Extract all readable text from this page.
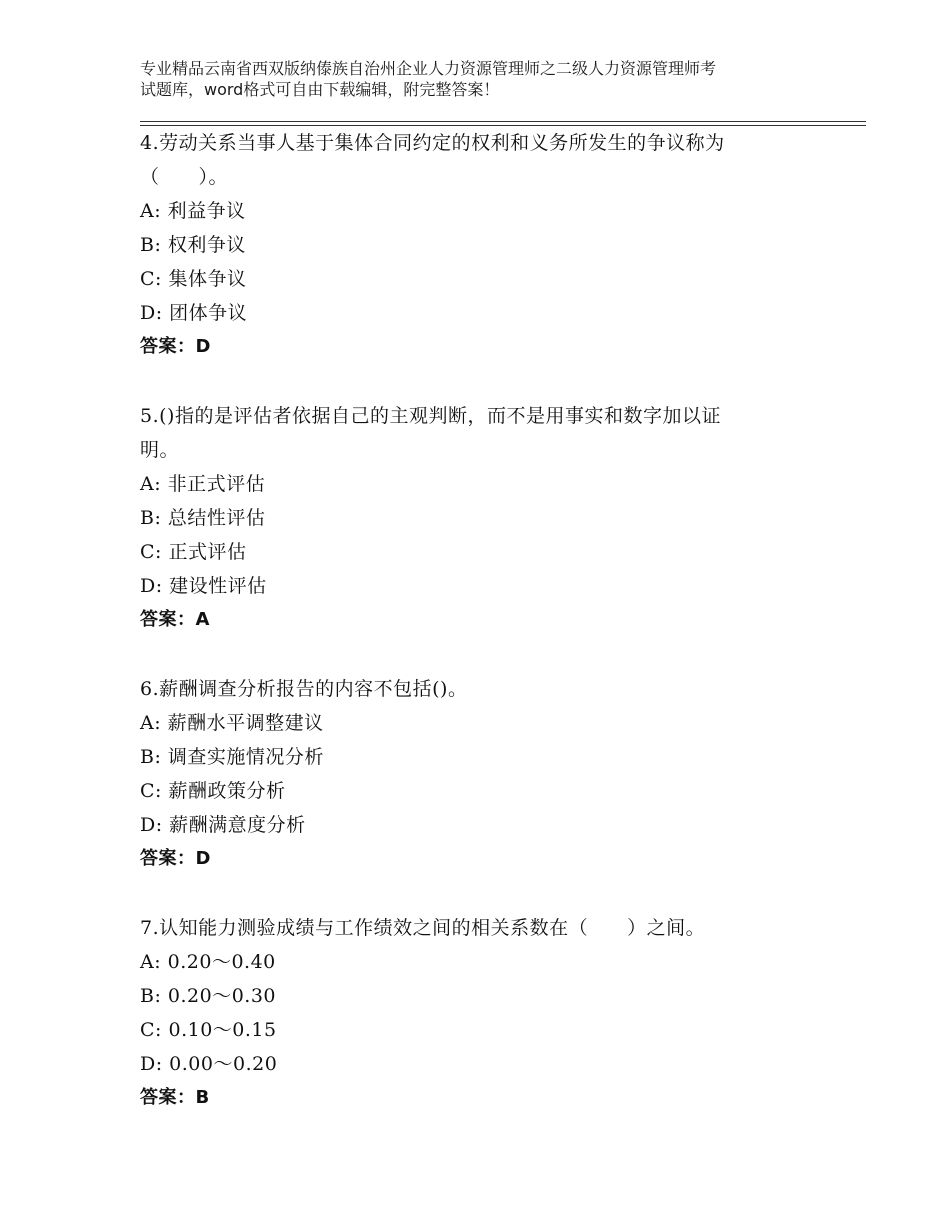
专业精品云南省西双版纳傣族自治州企业人力资源管理师之二级人力资源管理师考
试题库，word格式可自由下载编辑，附完整答案！
4.劳动关系当事人基于集体合同约定的权利和义务所发生的争议称为
（　　）。
A: 利益争议
B: 权利争议
C: 集体争议
D: 团体争议
答案：D
5.()指的是评估者依据自己的主观判断，而不是用事实和数字加以证
明。
A: 非正式评估
B: 总结性评估
C: 正式评估
D: 建设性评估
答案：A
6.薪酬调查分析报告的内容不包括()。
A: 薪酬水平调整建议
B: 调查实施情况分析
C: 薪酬政策分析
D: 薪酬满意度分析
答案：D
7.认知能力测验成绩与工作绩效之间的相关系数在（　　）之间。
A: 0.20～0.40
B: 0.20～0.30
C: 0.10～0.15
D: 0.00～0.20
答案：B
